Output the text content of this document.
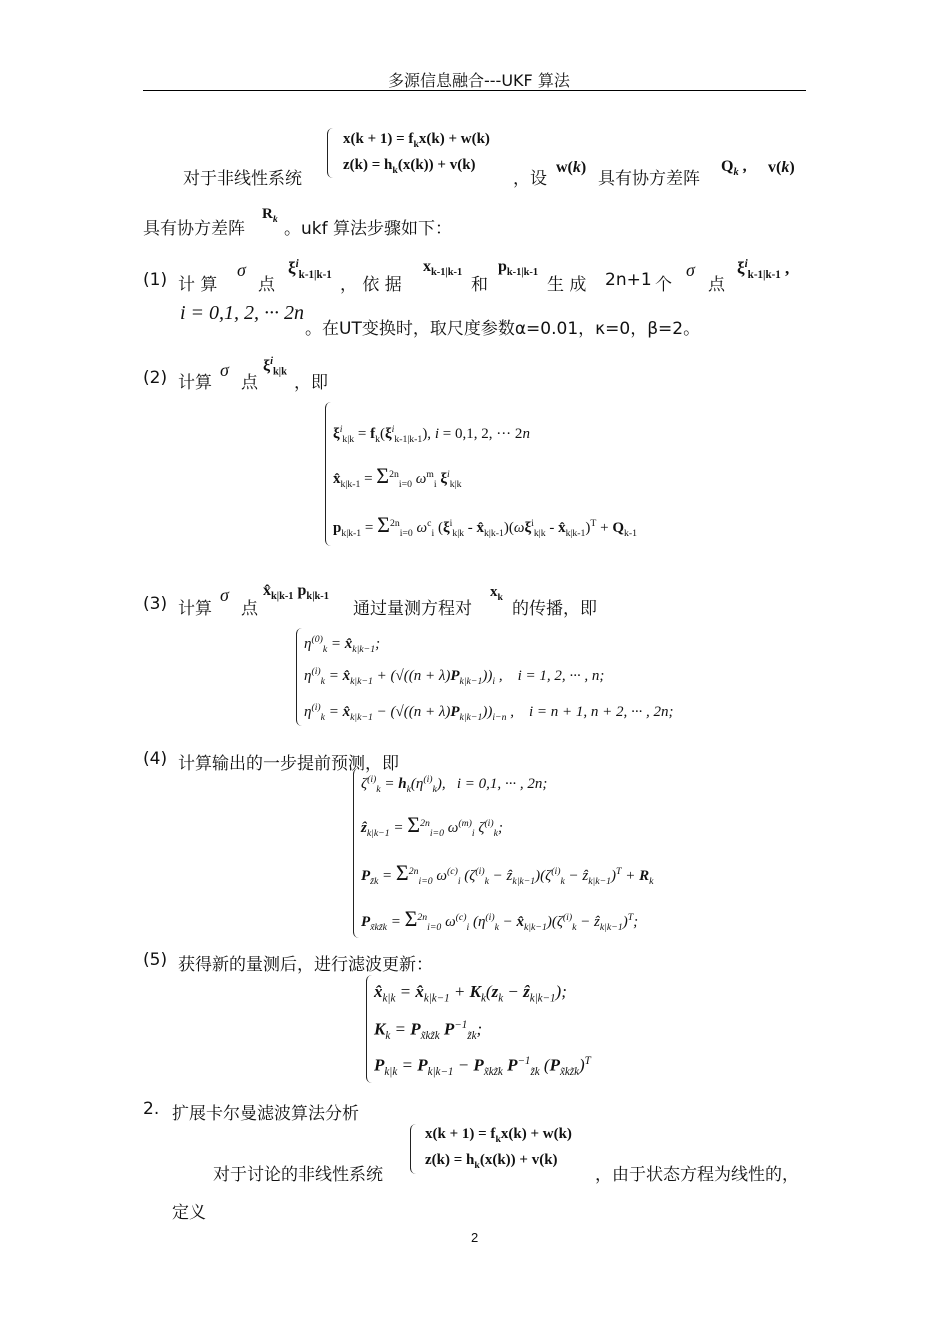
多源信息融合---UKF 算法
$x(k + 1) = f_kx(k) + w(k)$
$z(k) = h_k(x(k)) + v(k)$
对于非线性系统	，设
w(k)
具有协方差阵
$Q_k$ , v(k)
具有协方差阵
$R_k$ 。ukf 算法步骤如下：
(1) 计 算
σ
点
$\xi^i_{k-1|k-1}$ ， 依 据
$x_{k-1|k-1}$
和
$p_{k-1|k-1}$
生 成 2n+1 个
σ
点
$\xi^i_{k-1|k-1}$ ,
i = 0,1, 2, ··· 2n
。在UT变换时，取尺度参数α=0.01，κ=0，β=2。
(2) 计算
σ
点
$\xi^i_{k|k}$
，即
$\xi^i_{k|k} = f_k(\xi^i_{k-1|k-1})$, i = 0,1, 2, ··· 2n
$x̂_{k|k-1} = \Sigma^{2n}_{i=0}$ $\omega^m_i$ $\xi^i_{k|k}$
$p_{k|k-1} = \Sigma^{2n}_{i=0}$ $\omega^c_i$ ($\xi^i_{k|k}$ - $x̂_{k|k-1})(\omega\xi^i_{k|k}$ - $x̂_{k|k-1})^T + Q_{k-1}$
(3) 计算
σ
点
$x̂_{k|k-1}$ $p_{k|k-1}$
通过量测方程对
$x_k$
的传播，即
$\eta^{(0)}_k$ = $x̂_{k|k-1}$;
$\eta^{(i)}_k$ = $x̂_{k|k-1} + (√((n + \lambda)P_{k|k-1}))_i$ ,    i = 1, 2, ··· , n;
$\eta^{(i)}_k$ = $x̂_{k|k-1} - (√((n + \lambda)P_{k|k-1}))_{i-n}$ ,    i = n + 1, n + 2, ··· , 2n;
(4) 计算输出的一步提前预测，即
$\zeta^{(i)}_k = h_k(\eta^{(i)}_k)$,   i = 0,1, ··· , 2n;
ẑ$_{k|k-1}$ = $\Sigma^{2n}_{i=0}$ $\omega^{(m)}_i$ $\zeta^{(i)}_k$;
$P_{z̃k} = \Sigma^{2n}_{i=0}$ $\omega^{(c)}_i$ ($\zeta^{(i)}_k$ − $ẑ_{k|k-1})(\zeta^{(i)}_k$ − ẑ$_{k|k-1}$)$^T$ + $R_k$
$P_{x̃kz̃k} = \Sigma^{2n}_{i=0}$ $\omega^{(c)}_i$ ($\eta^{(i)}_k$ − $x̂_{k|k-1})(\zeta^{(i)}_k$ − ẑ$_{k|k-1}$)$^T$;
(5) 获得新的量测后，进行滤波更新：
$x̂_{k|k}$ = $x̂_{k|k-1} + K_k(z_k$ − ẑ$_{k|k-1}$);
$K_k = P_{x̃kz̃k}$ $P^{-1}_{z̃k}$;
$P_{k|k} = P_{k|k-1} - P_{x̃kz̃k}$ $P^{-1}_{z̃k}$ $(P_{x̃kz̃k})^T$
2. 扩展卡尔曼滤波算法分析
$x(k + 1) = f_kx(k) + w(k)$
$z(k) = h_k(x(k)) + v(k)$
对于讨论的非线性系统	，由于状态方程为线性的，
定义
2
